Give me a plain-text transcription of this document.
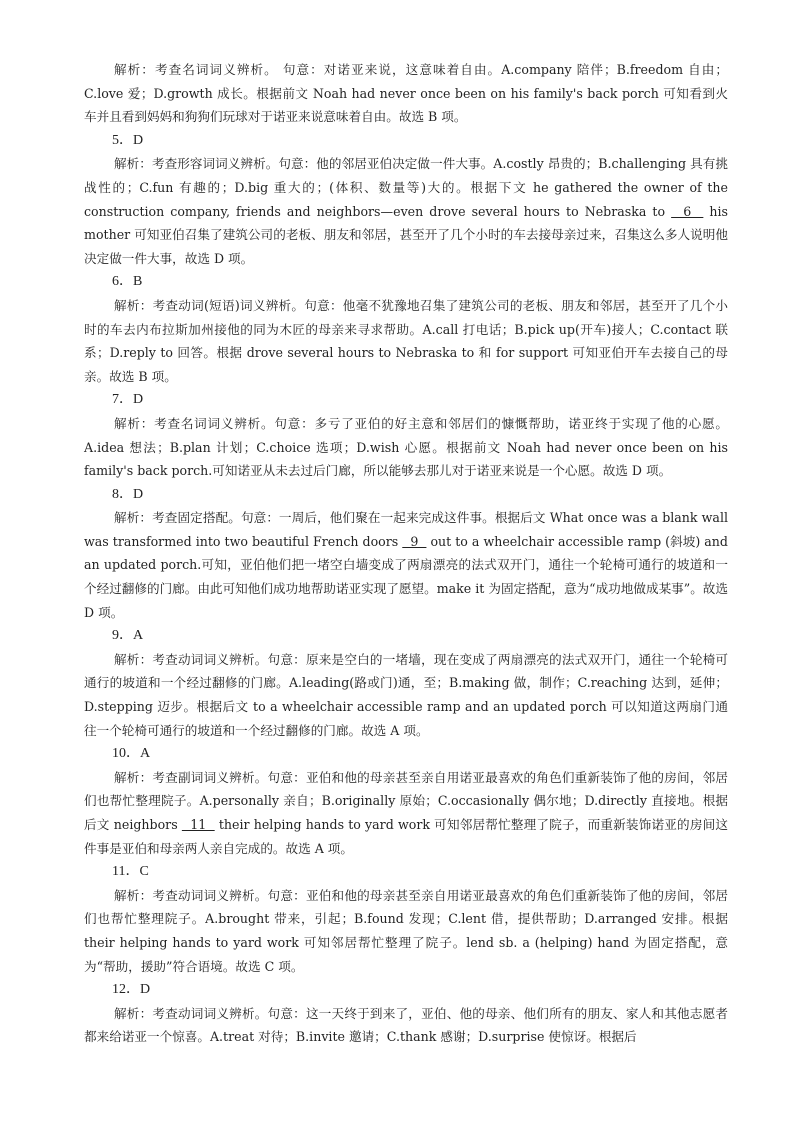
解析：考查名词词义辨析。 句意：对诺亚来说，这意味着自由。A.company 陪伴；B.freedom 自由；C.love 爱；D.growth 成长。根据前文 Noah had never once been on his family's back porch 可知看到火车并且看到妈妈和狗狗们玩球对于诺亚来说意味着自由。故选 B 项。

5．D

解析：考查形容词词义辨析。句意：他的邻居亚伯决定做一件大事。A.costly 昂贵的；B.challenging 具有挑战性的；C.fun 有趣的；D.big 重大的；(体积、数量等)大的。根据下文 he gathered the owner of the construction company, friends and neighbors—even drove several hours to Nebraska to   6   his mother 可知亚伯召集了建筑公司的老板、朋友和邻居，甚至开了几个小时的车去接母亲过来，召集这么多人说明他决定做一件大事，故选 D 项。

6．B

解析：考查动词(短语)词义辨析。句意：他毫不犹豫地召集了建筑公司的老板、朋友和邻居，甚至开了几个小时的车去内布拉斯加州接他的同为木匠的母亲来寻求帮助。A.call 打电话；B.pick up(开车)接人；C.contact 联系；D.reply to 回答。根据 drove several hours to Nebraska to 和 for support 可知亚伯开车去接自己的母亲。故选 B 项。

7．D

解析：考查名词词义辨析。句意：多亏了亚伯的好主意和邻居们的慷慨帮助，诺亚终于实现了他的心愿。A.idea 想法；B.plan 计划；C.choice 选项；D.wish 心愿。根据前文 Noah had never once been on his family's back porch.可知诺亚从未去过后门廊，所以能够去那儿对于诺亚来说是一个心愿。故选 D 项。

8．D

解析：考查固定搭配。句意：一周后，他们聚在一起来完成这件事。根据后文 What once was a blank wall was transformed into two beautiful French doors   9   out to a wheelchair accessible ramp (斜坡) and an updated porch.可知，亚伯他们把一堵空白墙变成了两扇漂亮的法式双开门，通往一个轮椅可通行的坡道和一个经过翻修的门廊。由此可知他们成功地帮助诺亚实现了愿望。make it 为固定搭配，意为“成功地做成某事”。故选 D 项。

9．A

解析：考查动词词义辨析。句意：原来是空白的一堵墙，现在变成了两扇漂亮的法式双开门，通往一个轮椅可通行的坡道和一个经过翻修的门廊。A.leading(路或门)通，至；B.making 做，制作；C.reaching 达到，延伸；D.stepping 迈步。根据后文 to a wheelchair accessible ramp and an updated porch 可以知道这两扇门通往一个轮椅可通行的坡道和一个经过翻修的门廊。故选 A 项。

10．A

解析：考查副词词义辨析。句意：亚伯和他的母亲甚至亲自用诺亚最喜欢的角色们重新装饰了他的房间，邻居们也帮忙整理院子。A.personally 亲自；B.originally 原始；C.occasionally 偶尔地；D.directly 直接地。根据后文 neighbors   11   their helping hands to yard work 可知邻居帮忙整理了院子，而重新装饰诺亚的房间这件事是亚伯和母亲两人亲自完成的。故选 A 项。

11．C

解析：考查动词词义辨析。句意：亚伯和他的母亲甚至亲自用诺亚最喜欢的角色们重新装饰了他的房间，邻居们也帮忙整理院子。A.brought 带来，引起；B.found 发现；C.lent 借，提供帮助；D.arranged 安排。根据 their helping hands to yard work 可知邻居帮忙整理了院子。lend sb. a (helping) hand 为固定搭配，意为“帮助，援助”符合语境。故选 C 项。

12．D

解析：考查动词词义辨析。句意：这一天终于到来了，亚伯、他的母亲、他们所有的朋友、家人和其他志愿者都来给诺亚一个惊喜。A.treat 对待；B.invite 邀请；C.thank 感谢；D.surprise 使惊讶。根据后
